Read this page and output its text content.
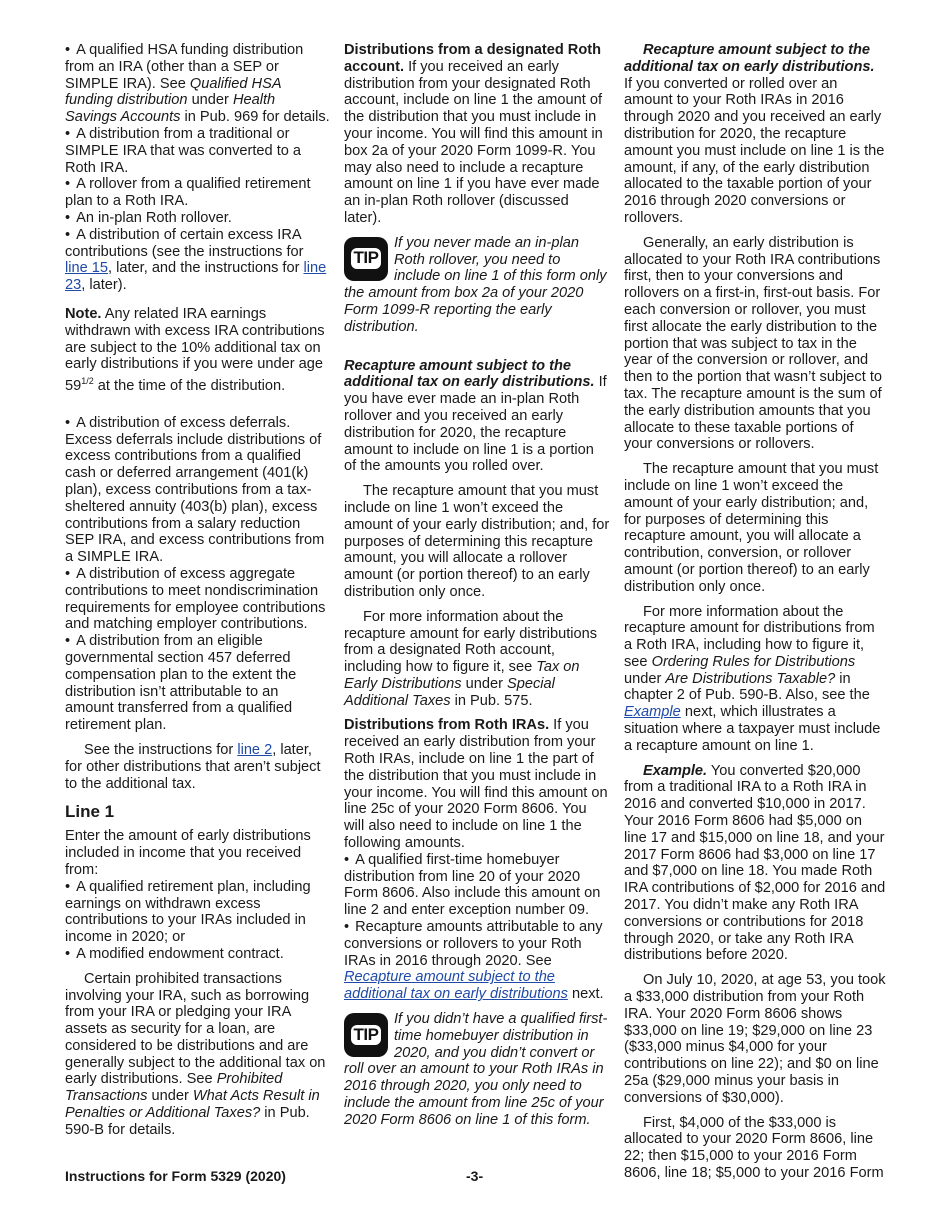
• A qualified HSA funding distribution from an IRA (other than a SEP or SIMPLE IRA). See Qualified HSA funding distribution under Health Savings Accounts in Pub. 969 for details.

• A distribution from a traditional or SIMPLE IRA that was converted to a Roth IRA.

• A rollover from a qualified retirement plan to a Roth IRA.

• An in-plan Roth rollover.

• A distribution of certain excess IRA contributions (see the instructions for line 15, later, and the instructions for line 23, later).

Note. Any related IRA earnings withdrawn with excess IRA contributions are subject to the 10% additional tax on early distributions if you were under age $59^{1/2}$ at the time of the distribution.

• A distribution of excess deferrals. Excess deferrals include distributions of excess contributions from a qualified cash or deferred arrangement (401(k) plan), excess contributions from a tax-sheltered annuity (403(b) plan), excess contributions from a salary reduction SEP IRA, and excess contributions from a SIMPLE IRA.

• A distribution of excess aggregate contributions to meet nondiscrimination requirements for employee contributions and matching employer contributions.

• A distribution from an eligible governmental section 457 deferred compensation plan to the extent the distribution isn’t attributable to an amount transferred from a qualified retirement plan.

See the instructions for line 2, later, for other distributions that aren’t subject to the additional tax.

Line 1

Enter the amount of early distributions included in income that you received from:

• A qualified retirement plan, including earnings on withdrawn excess contributions to your IRAs included in income in 2020; or

• A modified endowment contract.

Certain prohibited transactions involving your IRA, such as borrowing from your IRA or pledging your IRA assets as security for a loan, are considered to be distributions and are generally subject to the additional tax on early distributions. See Prohibited Transactions under What Acts Result in Penalties or Additional Taxes? in Pub. 590-B for details.

Distributions from a designated Roth account. If you received an early distribution from your designated Roth account, include on line 1 the amount of the distribution that you must include in your income. You will find this amount in box 2a of your 2020 Form 1099-R. You may also need to include a recapture amount on line 1 if you have ever made an in-plan Roth rollover (discussed later).

TIP
If you never made an in-plan Roth rollover, you need to include on line 1 of this form only the amount from box 2a of your 2020 Form 1099-R reporting the early distribution.

Recapture amount subject to the additional tax on early distributions. If you have ever made an in-plan Roth rollover and you received an early distribution for 2020, the recapture amount to include on line 1 is a portion of the amounts you rolled over.

The recapture amount that you must include on line 1 won’t exceed the amount of your early distribution; and, for purposes of determining this recapture amount, you will allocate a rollover amount (or portion thereof) to an early distribution only once.

For more information about the recapture amount for early distributions from a designated Roth account, including how to figure it, see Tax on Early Distributions under Special Additional Taxes in Pub. 575.

Distributions from Roth IRAs. If you received an early distribution from your Roth IRAs, include on line 1 the part of the distribution that you must include in your income. You will find this amount on line 25c of your 2020 Form 8606. You will also need to include on line 1 the following amounts.

• A qualified first-time homebuyer distribution from line 20 of your 2020 Form 8606. Also include this amount on line 2 and enter exception number 09.

• Recapture amounts attributable to any conversions or rollovers to your Roth IRAs in 2016 through 2020. See Recapture amount subject to the additional tax on early distributions next.

TIP
If you didn’t have a qualified first-time homebuyer distribution in 2020, and you didn’t convert or roll over an amount to your Roth IRAs in 2016 through 2020, you only need to include the amount from line 25c of your 2020 Form 8606 on line 1 of this form.

Recapture amount subject to the additional tax on early distributions. If you converted or rolled over an amount to your Roth IRAs in 2016 through 2020 and you received an early distribution for 2020, the recapture amount you must include on line 1 is the amount, if any, of the early distribution allocated to the taxable portion of your 2016 through 2020 conversions or rollovers.

Generally, an early distribution is allocated to your Roth IRA contributions first, then to your conversions and rollovers on a first-in, first-out basis. For each conversion or rollover, you must first allocate the early distribution to the portion that was subject to tax in the year of the conversion or rollover, and then to the portion that wasn’t subject to tax. The recapture amount is the sum of the early distribution amounts that you allocate to these taxable portions of your conversions or rollovers.

The recapture amount that you must include on line 1 won’t exceed the amount of your early distribution; and, for purposes of determining this recapture amount, you will allocate a contribution, conversion, or rollover amount (or portion thereof) to an early distribution only once.

For more information about the recapture amount for distributions from a Roth IRA, including how to figure it, see Ordering Rules for Distributions under Are Distributions Taxable? in chapter 2 of Pub. 590-B. Also, see the Example next, which illustrates a situation where a taxpayer must include a recapture amount on line 1.

Example. You converted $20,000 from a traditional IRA to a Roth IRA in 2016 and converted $10,000 in 2017. Your 2016 Form 8606 had $5,000 on line 17 and $15,000 on line 18, and your 2017 Form 8606 had $3,000 on line 17 and $7,000 on line 18. You made Roth IRA contributions of $2,000 for 2016 and 2017. You didn’t make any Roth IRA conversions or contributions for 2018 through 2020, or take any Roth IRA distributions before 2020.

On July 10, 2020, at age 53, you took a $33,000 distribution from your Roth IRA. Your 2020 Form 8606 shows $33,000 on line 19; $29,000 on line 23 ($33,000 minus $4,000 for your contributions on line 22); and $0 on line 25a ($29,000 minus your basis in conversions of $30,000).

First, $4,000 of the $33,000 is allocated to your 2020 Form 8606, line 22; then $15,000 to your 2016 Form 8606, line 18; $5,000 to your 2016 Form

Instructions for Form 5329 (2020)	-3-
